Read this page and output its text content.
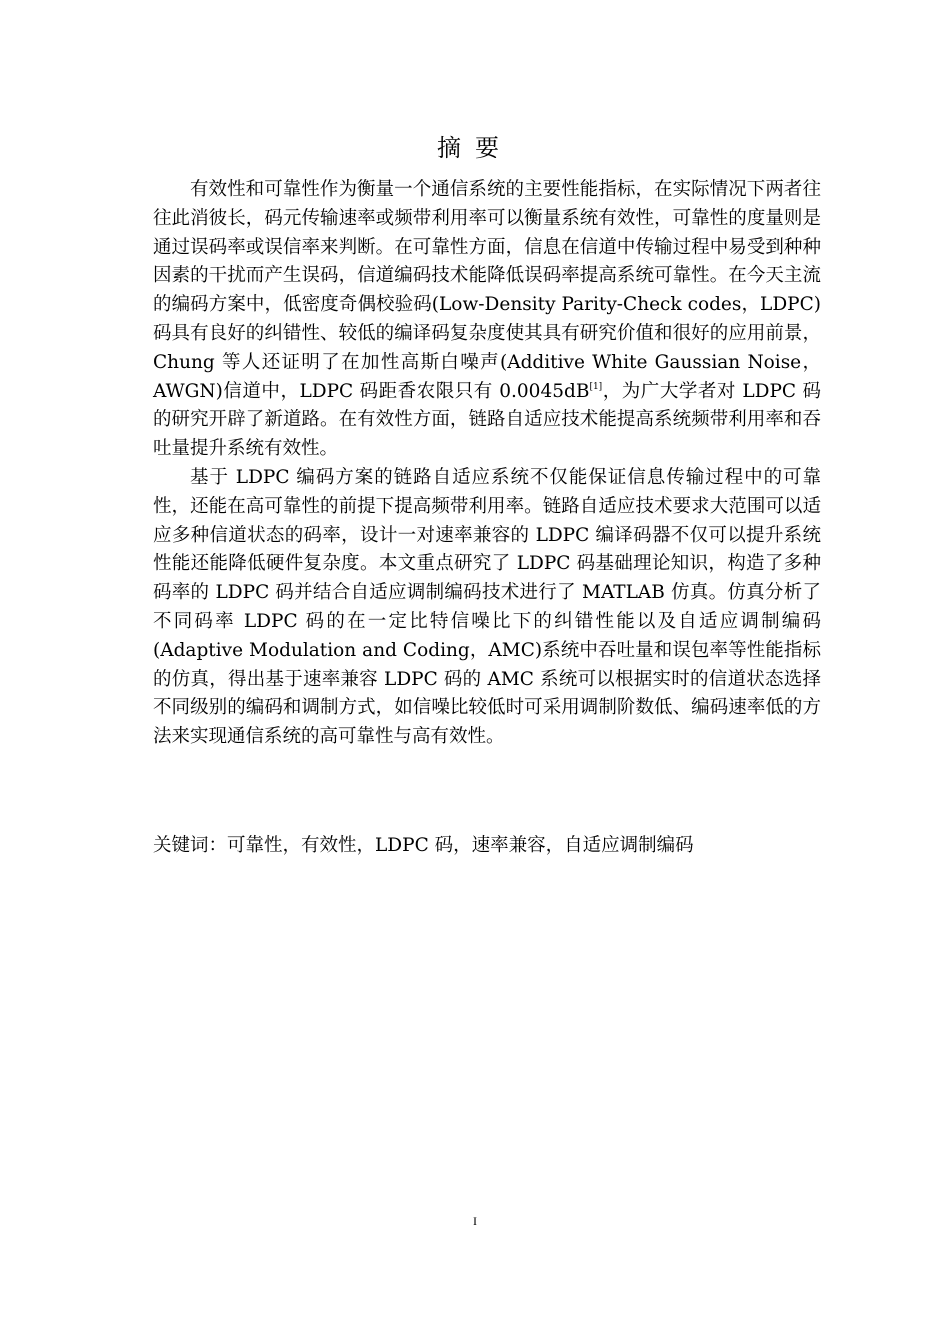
摘要

有效性和可靠性作为衡量一个通信系统的主要性能指标，在实际情况下两者往往此消彼长，码元传输速率或频带利用率可以衡量系统有效性，可靠性的度量则是通过误码率或误信率来判断。在可靠性方面，信息在信道中传输过程中易受到种种因素的干扰而产生误码，信道编码技术能降低误码率提高系统可靠性。在今天主流的编码方案中，低密度奇偶校验码(Low-Density Parity-Check codes，LDPC)码具有良好的纠错性、较低的编译码复杂度使其具有研究价值和很好的应用前景，Chung 等人还证明了在加性高斯白噪声(Additive White Gaussian Noise，AWGN)信道中，LDPC 码距香农限只有 0.0045dB[1]，为广大学者对 LDPC 码的研究开辟了新道路。在有效性方面，链路自适应技术能提高系统频带利用率和吞吐量提升系统有效性。

基于 LDPC 编码方案的链路自适应系统不仅能保证信息传输过程中的可靠性，还能在高可靠性的前提下提高频带利用率。链路自适应技术要求大范围可以适应多种信道状态的码率，设计一对速率兼容的 LDPC 编译码器不仅可以提升系统性能还能降低硬件复杂度。本文重点研究了 LDPC 码基础理论知识，构造了多种码率的 LDPC 码并结合自适应调制编码技术进行了 MATLAB 仿真。仿真分析了不同码率 LDPC 码的在一定比特信噪比下的纠错性能以及自适应调制编码(Adaptive Modulation and Coding，AMC)系统中吞吐量和误包率等性能指标的仿真，得出基于速率兼容 LDPC 码的 AMC 系统可以根据实时的信道状态选择不同级别的编码和调制方式，如信噪比较低时可采用调制阶数低、编码速率低的方法来实现通信系统的高可靠性与高有效性。

关键词：可靠性，有效性，LDPC 码，速率兼容，自适应调制编码
I
